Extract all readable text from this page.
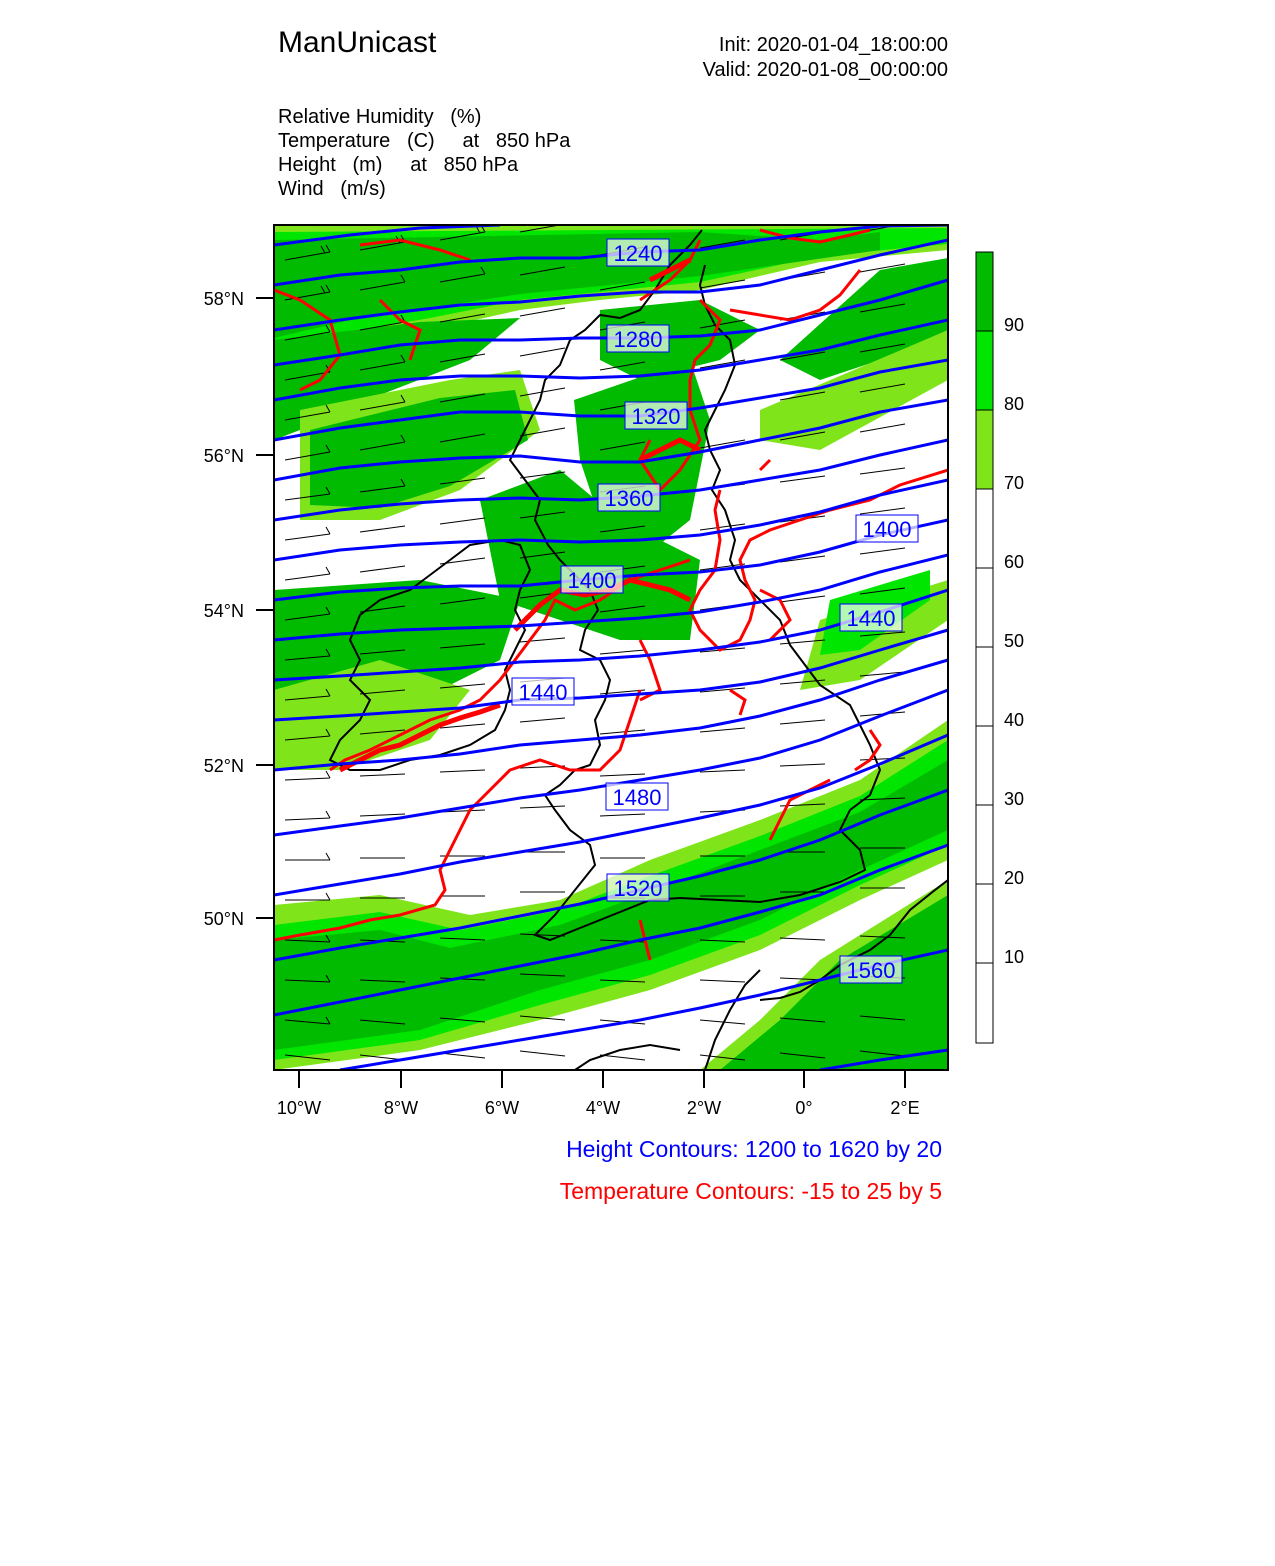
ManUnicast	Init: 2020-01-04_18:00:00
Valid: 2020-01-08_00:00:00
Relative Humidity   (%)
Temperature   (C)     at   850 hPa
Height   (m)     at   850 hPa
Wind   (m/s)
1240
1280
1320
1360
1400
1400
1440
1440
1480
1520
1560
58°N
56°N
54°N
52°N
50°N
10°W	8°W	6°W	4°W	2°W	0°	2°E
90
80
70
60
50
40
30
20
10
Height Contours: 1200 to 1620 by 20
Temperature Contours: -15 to 25 by 5
